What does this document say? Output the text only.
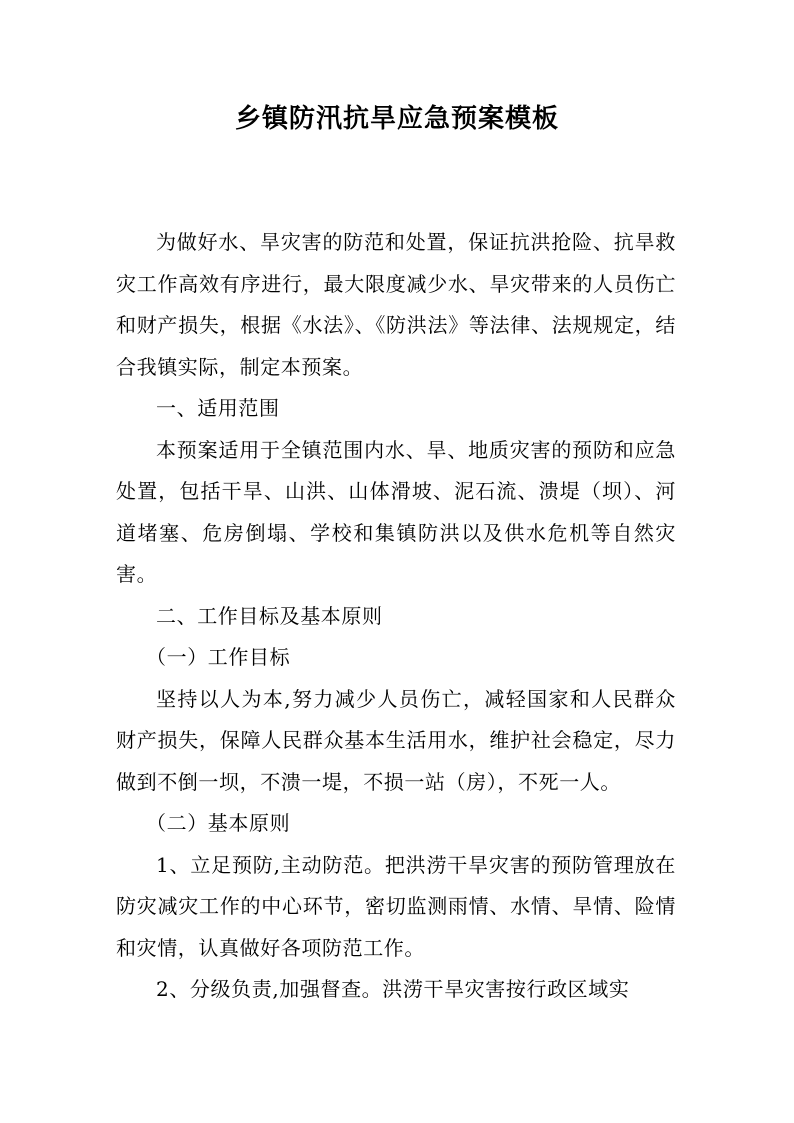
乡镇防汛抗旱应急预案模板

为做好水、旱灾害的防范和处置，保证抗洪抢险、抗旱救灾工作高效有序进行，最大限度减少水、旱灾带来的人员伤亡和财产损失，根据《水法》、《防洪法》等法律、法规规定，结合我镇实际，制定本预案。

一、适用范围

本预案适用于全镇范围内水、旱、地质灾害的预防和应急处置，包括干旱、山洪、山体滑坡、泥石流、溃堤（坝）、河道堵塞、危房倒塌、学校和集镇防洪以及供水危机等自然灾害。

二、工作目标及基本原则

（一）工作目标

坚持以人为本,努力减少人员伤亡，减轻国家和人民群众财产损失，保障人民群众基本生活用水，维护社会稳定，尽力做到不倒一坝，不溃一堤，不损一站（房），不死一人。

（二）基本原则

1、立足预防,主动防范。把洪涝干旱灾害的预防管理放在防灾减灾工作的中心环节，密切监测雨情、水情、旱情、险情和灾情，认真做好各项防范工作。

2、分级负责,加强督查。洪涝干旱灾害按行政区域实
